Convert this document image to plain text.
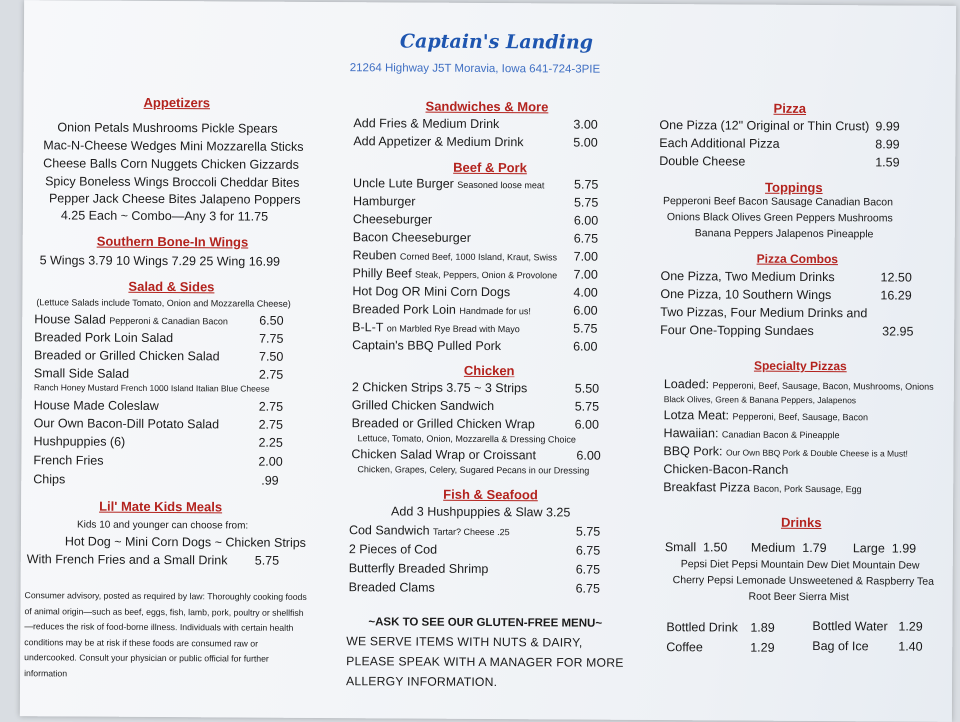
Captain's Landing
21264 Highway J5T Moravia, Iowa 641-724-3PIE
Appetizers
Onion Petals Mushrooms Pickle Spears
Mac-N-Cheese Wedges Mini Mozzarella Sticks
Cheese Balls Corn Nuggets Chicken Gizzards
Spicy Boneless Wings Broccoli Cheddar Bites
Pepper Jack Cheese Bites Jalapeno Poppers
4.25 Each ~ Combo—Any 3 for 11.75
Southern Bone-In Wings
5 Wings 3.79 10 Wings 7.29 25 Wing 16.99
Salad & Sides
(Lettuce Salads include Tomato, Onion and Mozzarella Cheese)
House Salad Pepperoni & Canadian Bacon	6.50
Breaded Pork Loin Salad	7.75
Breaded or Grilled Chicken Salad	7.50
Small Side Salad	2.75
Ranch Honey Mustard French 1000 Island Italian Blue Cheese
House Made Coleslaw	2.75
Our Own Bacon-Dill Potato Salad	2.75
Hushpuppies (6)	2.25
French Fries	2.00
Chips	.99
Lil' Mate Kids Meals
Kids 10 and younger can choose from:
Hot Dog ~ Mini Corn Dogs ~ Chicken Strips
With French Fries and a Small Drink 5.75
Consumer advisory, posted as required by law: Thoroughly cooking foods of animal origin—such as beef, eggs, fish, lamb, pork, poultry or shellfish—reduces the risk of food-borne illness. Individuals with certain health conditions may be at risk if these foods are consumed raw or undercooked. Consult your physician or public official for further information
Sandwiches & More
Add Fries & Medium Drink	3.00
Add Appetizer & Medium Drink	5.00
Beef & Pork
Uncle Lute Burger Seasoned loose meat 5.75
Hamburger	5.75
Cheeseburger	6.00
Bacon Cheeseburger	6.75
Reuben Corned Beef, 1000 Island, Kraut, Swiss 7.00
Philly Beef Steak, Peppers, Onion & Provolone 7.00
Hot Dog OR Mini Corn Dogs	4.00
Breaded Pork Loin Handmade for us!	6.00
B-L-T on Marbled Rye Bread with Mayo	5.75
Captain's BBQ Pulled Pork	6.00
Chicken
2 Chicken Strips 3.75 ~ 3 Strips	5.50
Grilled Chicken Sandwich	5.75
Breaded or Grilled Chicken Wrap	6.00
Lettuce, Tomato, Onion, Mozzarella & Dressing Choice
Chicken Salad Wrap or Croissant	6.00
Chicken, Grapes, Celery, Sugared Pecans in our Dressing
Fish & Seafood
Add 3 Hushpuppies & Slaw 3.25
Cod Sandwich Tartar? Cheese .25	5.75
2 Pieces of Cod	6.75
Butterfly Breaded Shrimp	6.75
Breaded Clams	6.75
~ASK TO SEE OUR GLUTEN-FREE MENU~
WE SERVE ITEMS WITH NUTS & DAIRY, PLEASE SPEAK WITH A MANAGER FOR MORE ALLERGY INFORMATION.
Pizza
One Pizza (12" Original or Thin Crust) 9.99
Each Additional Pizza	8.99
Double Cheese	1.59
Toppings
Pepperoni Beef Bacon Sausage Canadian Bacon
Onions Black Olives Green Peppers Mushrooms
Banana Peppers Jalapenos Pineapple
Pizza Combos
One Pizza, Two Medium Drinks	12.50
One Pizza, 10 Southern Wings	16.29
Two Pizzas, Four Medium Drinks and
Four One-Topping Sundaes	32.95
Specialty Pizzas
Loaded: Pepperoni, Beef, Sausage, Bacon, Mushrooms, Onions
Black Olives, Green & Banana Peppers, Jalapenos
Lotza Meat: Pepperoni, Beef, Sausage, Bacon
Hawaiian: Canadian Bacon & Pineapple
BBQ Pork: Our Own BBQ Pork & Double Cheese is a Must!
Chicken-Bacon-Ranch
Breakfast Pizza Bacon, Pork Sausage, Egg
Drinks
Small 1.50 Medium 1.79 Large 1.99
Pepsi Diet Pepsi Mountain Dew Diet Mountain Dew
Cherry Pepsi Lemonade Unsweetened & Raspberry Tea
Root Beer Sierra Mist
Bottled Drink 1.89	Bottled Water 1.29
Coffee	1.29	Bag of Ice 1.40
